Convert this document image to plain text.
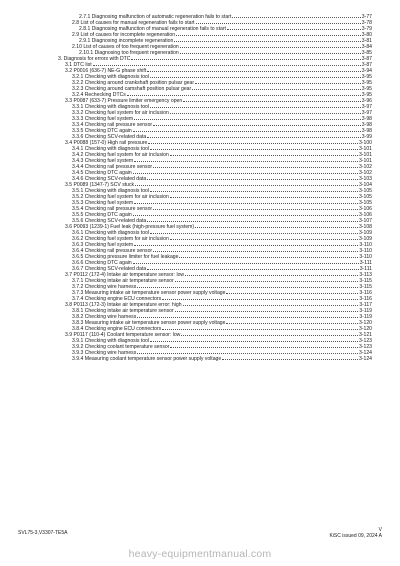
2.7.1 Diagnosing malfunction of automatic regeneration fails to start	3-77
2.8 List of causes for manual regeneration fails to start	3-78
2.8.1 Diagnosing malfunction of manual regeneration fails to start	3-79
2.9 List of causes for incomplete regeneration	3-80
2.9.1 Diagnosing incomplete regeneration	3-81
2.10 List of causes of too frequent regeneration	3-84
2.10.1 Diagnosing too frequent regeneration	3-85
3. Diagnosis for errors with DTC	3-87
3.1 DTC list	3-87
3.2 P0016 (636-7) NE-G phase shift	3-94
3.2.1 Checking with diagnosis tool	3-95
3.2.2 Checking around crankshaft position pulsar gear	3-95
3.2.3 Checking around camshaft position pulsar gear	3-95
3.2.4 Rechecking DTCs	3-95
3.3 P0087 (633-7) Pressure limiter emergency open	3-96
3.3.1 Checking with diagnosis tool	3-97
3.3.2 Checking fuel system for air inclusion	3-97
3.3.3 Checking fuel system	3-98
3.3.4 Checking rail pressure sensor	3-98
3.3.5 Checking DTC again	3-98
3.3.6 Checking SCV-related data	3-99
3.4 P0088 (157-0) High rail pressure	3-100
3.4.1 Checking with diagnosis tool	3-101
3.4.2 Checking fuel system for air inclusion	3-101
3.4.3 Checking fuel system	3-101
3.4.4 Checking rail pressure sensor	3-102
3.4.5 Checking DTC again	3-102
3.4.6 Checking SCV-related data	3-103
3.5 P0089 (1347-7) SCV stuck	3-104
3.5.1 Checking with diagnosis tool	3-105
3.5.2 Checking fuel system for air inclusion	3-105
3.5.3 Checking fuel system	3-105
3.5.4 Checking rail pressure sensor	3-106
3.5.5 Checking DTC again	3-106
3.5.6 Checking SCV-related data	3-107
3.6 P0093 (1239-1) Fuel leak (high-pressure fuel system)	3-108
3.6.1 Checking with diagnosis tool	3-109
3.6.2 Checking fuel system for air inclusion	3-109
3.6.3 Checking fuel system	3-110
3.6.4 Checking rail pressure sensor	3-110
3.6.5 Checking pressure limiter for fuel leakage	3-110
3.6.6 Checking DTC again	3-111
3.6.7 Checking SCV-related data	3-111
3.7 P0112 (172-4) Intake air temperature sensor: low	3-113
3.7.1 Checking intake air temperature sensor	3-115
3.7.2 Checking wire harness	3-115
3.7.3 Measuring intake air temperature sensor power supply voltage	3-116
3.7.4 Checking engine ECU connectors	3-116
3.8 P0113 (172-3) Intake air temperature error: high	3-117
3.8.1 Checking intake air temperature sensor	3-119
3.8.2 Checking wire harness	3-119
3.8.3 Measuring intake air temperature sensor power supply voltage	3-120
3.8.4 Checking engine ECU connectors	3-120
3.9 P0117 (110-4) Coolant temperature sensor: low	3-121
3.9.1 Checking with diagnosis tool	3-123
3.9.2 Checking coolant temperature sensor	3-123
3.9.3 Checking wire harness	3-124
3.9.4 Measuring coolant temperature sensor power supply voltage	3-124
SVL75-3,V3307-TE5A	V
KiSC issued 09, 2024 A
heavy-equipmentmanual.com
